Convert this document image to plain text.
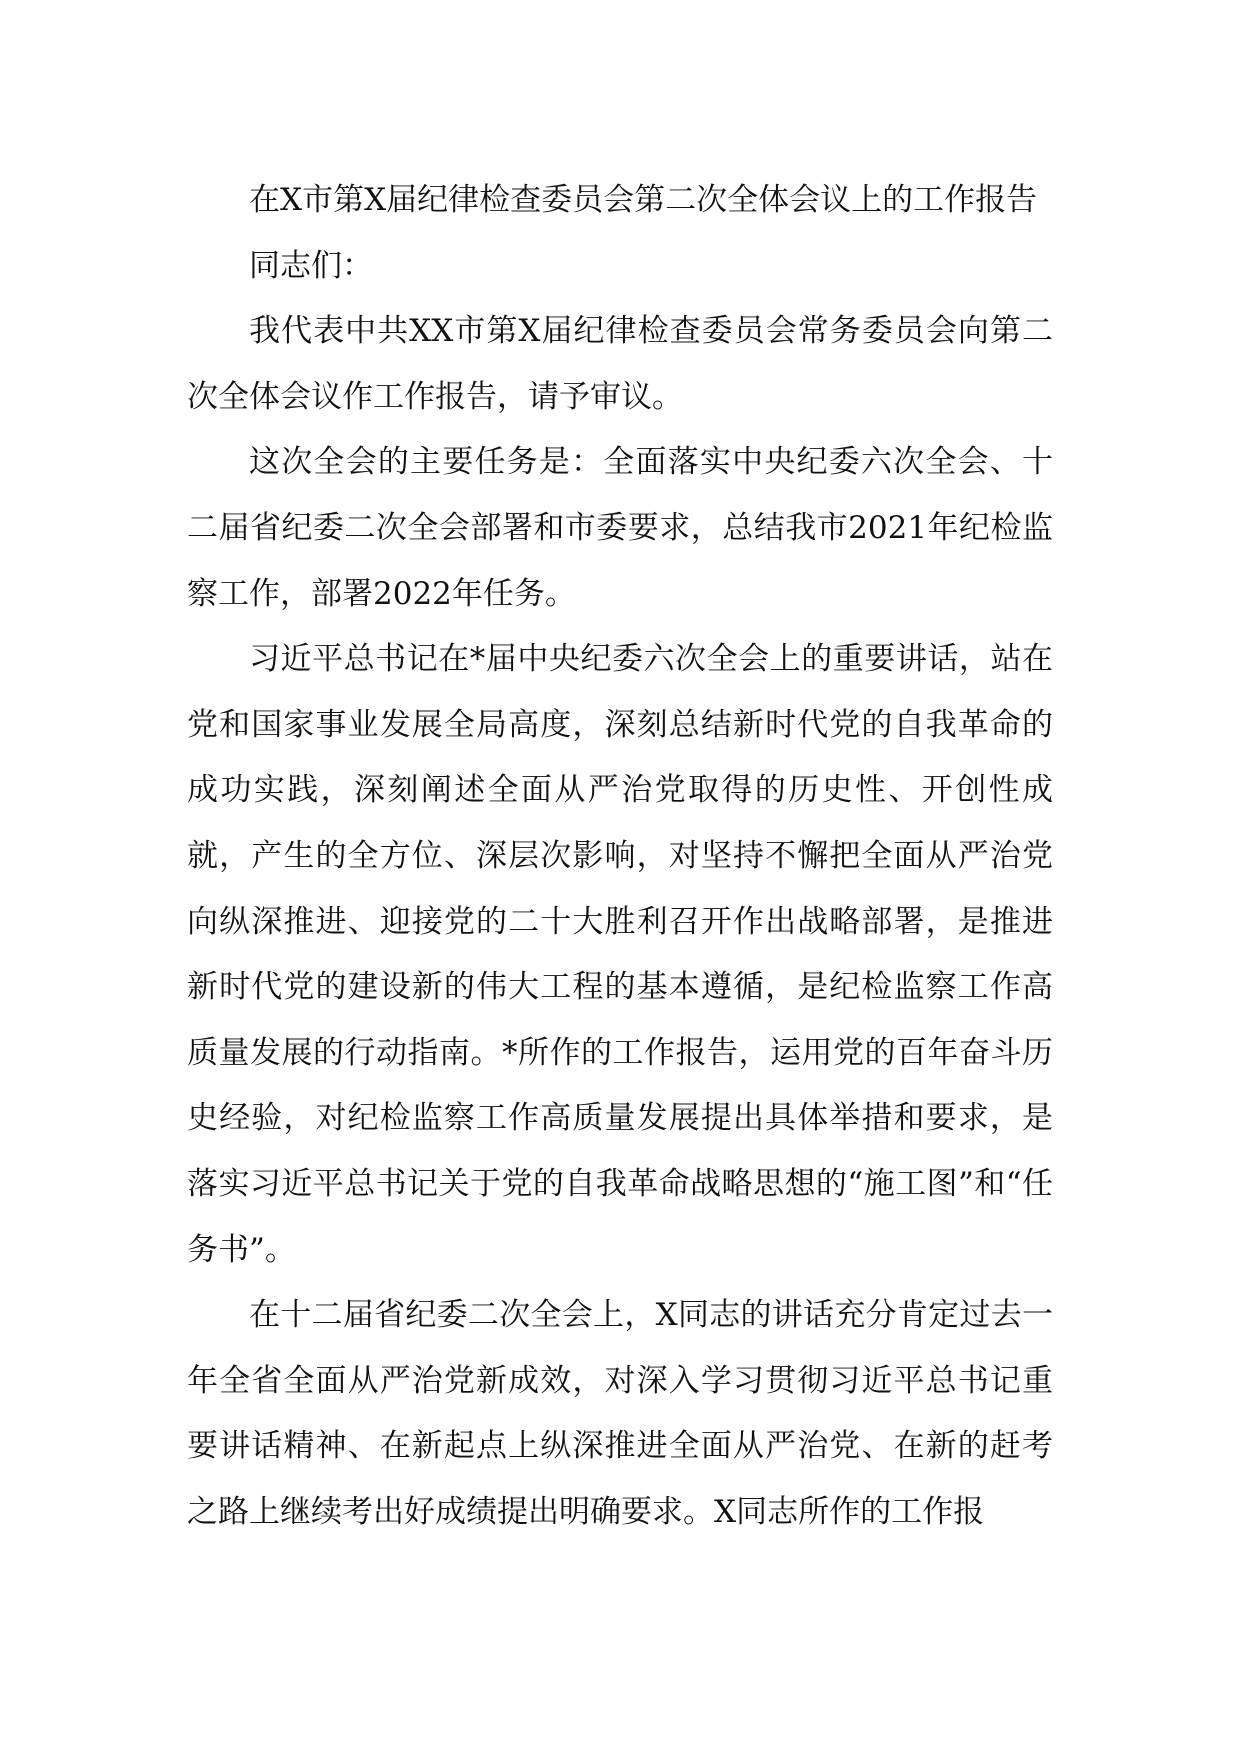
在X市第X届纪律检查委员会第二次全体会议上的工作报告

同志们：

我代表中共XX市第X届纪律检查委员会常务委员会向第二次全体会议作工作报告，请予审议。

这次全会的主要任务是：全面落实中央纪委六次全会、十二届省纪委二次全会部署和市委要求，总结我市2021年纪检监察工作，部署2022年任务。

习近平总书记在*届中央纪委六次全会上的重要讲话，站在党和国家事业发展全局高度，深刻总结新时代党的自我革命的成功实践，深刻阐述全面从严治党取得的历史性、开创性成就，产生的全方位、深层次影响，对坚持不懈把全面从严治党向纵深推进、迎接党的二十大胜利召开作出战略部署，是推进新时代党的建设新的伟大工程的基本遵循，是纪检监察工作高质量发展的行动指南。*所作的工作报告，运用党的百年奋斗历史经验，对纪检监察工作高质量发展提出具体举措和要求，是落实习近平总书记关于党的自我革命战略思想的“施工图”和“任务书”。

在十二届省纪委二次全会上，X同志的讲话充分肯定过去一年全省全面从严治党新成效，对深入学习贯彻习近平总书记重要讲话精神、在新起点上纵深推进全面从严治党、在新的赶考之路上继续考出好成绩提出明确要求。X同志所作的工作报
